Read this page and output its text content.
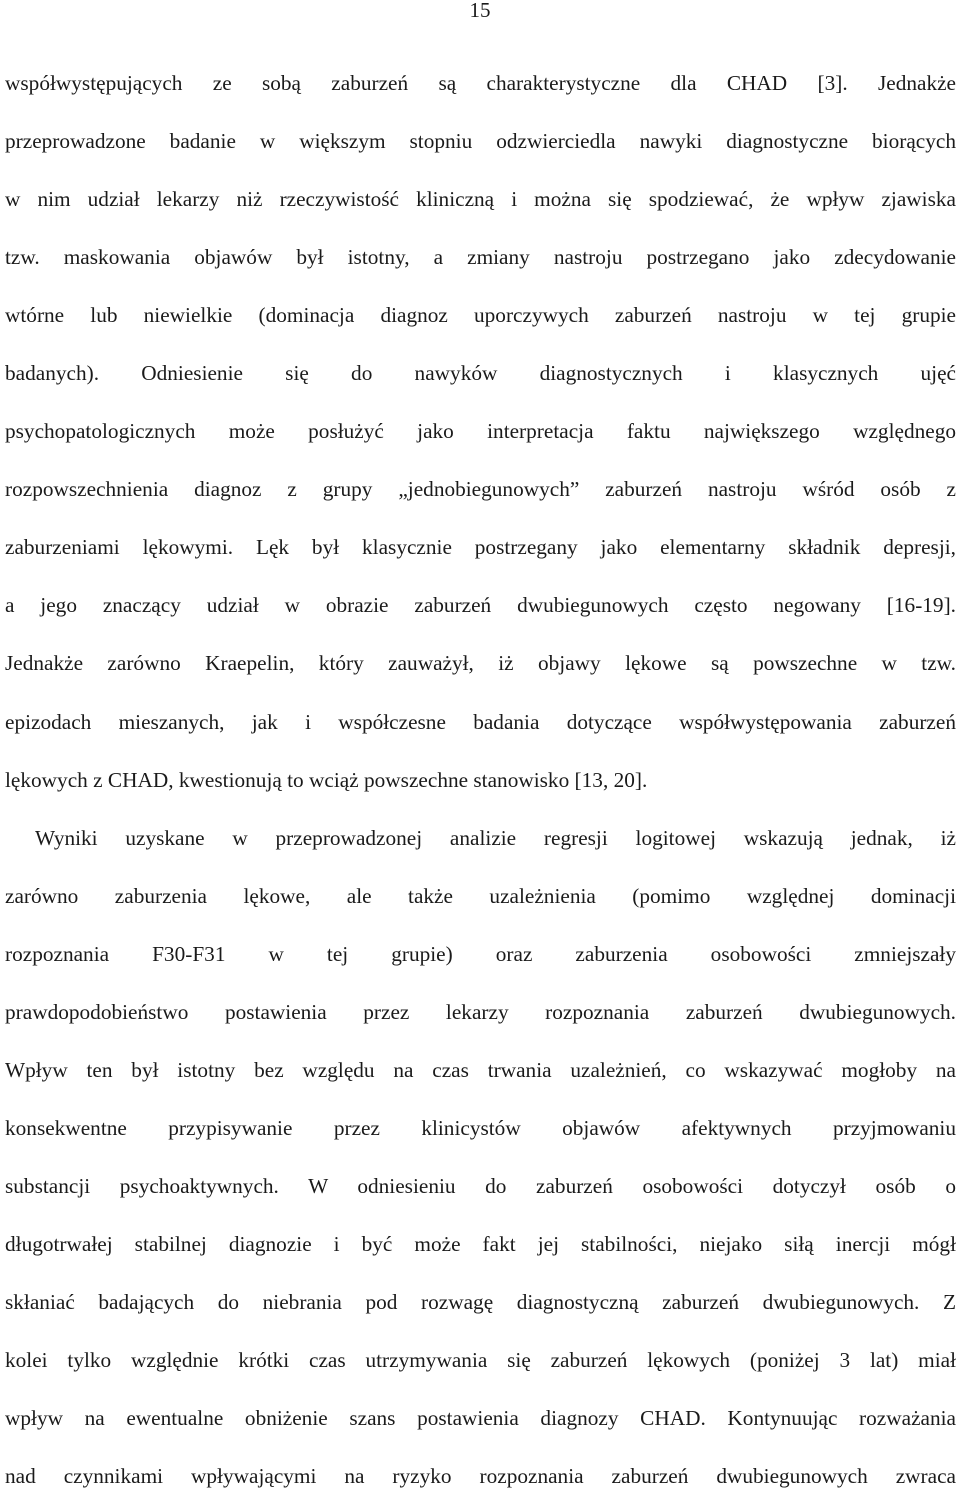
15

współwystępujących ze sobą zaburzeń są charakterystyczne dla CHAD [3]. Jednakże
przeprowadzone badanie w większym stopniu odzwierciedla nawyki diagnostyczne biorących
w nim udział lekarzy niż rzeczywistość kliniczną i można się spodziewać, że wpływ zjawiska
tzw. maskowania objawów był istotny, a zmiany nastroju postrzegano jako zdecydowanie
wtórne lub niewielkie (dominacja diagnoz uporczywych zaburzeń nastroju w tej grupie
badanych). Odniesienie się do nawyków diagnostycznych i klasycznych ujęć
psychopatologicznych może posłużyć jako interpretacja faktu największego względnego
rozpowszechnienia diagnoz z grupy „jednobiegunowych” zaburzeń nastroju wśród osób z
zaburzeniami lękowymi. Lęk był klasycznie postrzegany jako elementarny składnik depresji,
a jego znaczący udział w obrazie zaburzeń dwubiegunowych często negowany [16-19].
Jednakże zarówno Kraepelin, który zauważył, iż objawy lękowe są powszechne w tzw.
epizodach mieszanych, jak i współczesne badania dotyczące współwystępowania zaburzeń
lękowych z CHAD, kwestionują to wciąż powszechne stanowisko [13, 20].

Wyniki uzyskane w przeprowadzonej analizie regresji logitowej wskazują jednak, iż
zarówno zaburzenia lękowe, ale także uzależnienia (pomimo względnej dominacji
rozpoznania F30-F31 w tej grupie) oraz zaburzenia osobowości zmniejszały
prawdopodobieństwo postawienia przez lekarzy rozpoznania zaburzeń dwubiegunowych.
Wpływ ten był istotny bez względu na czas trwania uzależnień, co wskazywać mogłoby na
konsekwentne przypisywanie przez klinicystów objawów afektywnych przyjmowaniu
substancji psychoaktywnych. W odniesieniu do zaburzeń osobowości dotyczył osób o
długotrwałej stabilnej diagnozie i być może fakt jej stabilności, niejako siłą inercji mógł
skłaniać badających do niebrania pod rozwagę diagnostyczną zaburzeń dwubiegunowych. Z
kolei tylko względnie krótki czas utrzymywania się zaburzeń lękowych (poniżej 3 lat) miał
wpływ na ewentualne obniżenie szans postawienia diagnozy CHAD. Kontynuując rozważania
nad czynnikami wpływającymi na ryzyko rozpoznania zaburzeń dwubiegunowych zwraca
